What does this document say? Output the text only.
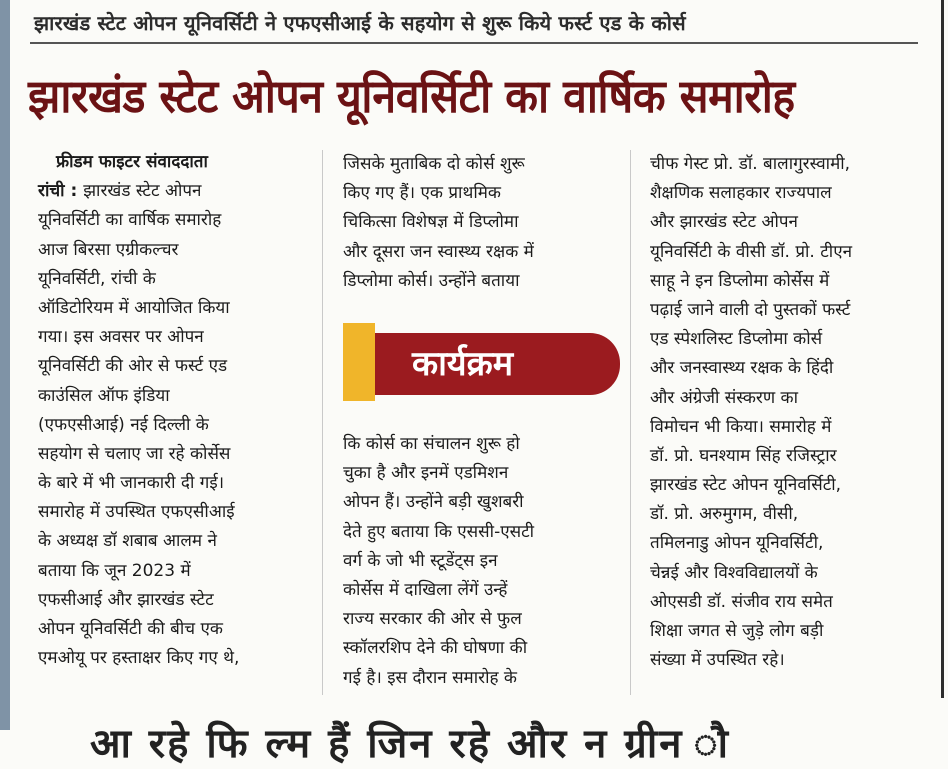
झारखंड स्टेट ओपन यूनिवर्सिटी ने एफएसीआई के सहयोग से शुरू किये फर्स्ट एड के कोर्स
झारखंड स्टेट ओपन यूनिवर्सिटी का वार्षिक समारोह
फ्रीडम फाइटर संवाददाता
रांची : झारखंड स्टेट ओपन
यूनिवर्सिटी का वार्षिक समारोह
आज बिरसा एग्रीकल्चर
यूनिवर्सिटी, रांची के
ऑडिटोरियम में आयोजित किया
गया। इस अवसर पर ओपन
यूनिवर्सिटी की ओर से फर्स्ट एड
काउंसिल ऑफ इंडिया
(एफएसीआई) नई दिल्ली के
सहयोग से चलाए जा रहे कोर्सेस
के बारे में भी जानकारी दी गई।
समारोह में उपस्थित एफएसीआई
के अध्यक्ष डॉ शबाब आलम ने
बताया कि जून 2023 में
एफसीआई और झारखंड स्टेट
ओपन यूनिवर्सिटी की बीच एक
एमओयू पर हस्ताक्षर किए गए थे,
जिसके मुताबिक दो कोर्स शुरू
किए गए हैं। एक प्राथमिक
चिकित्सा विशेषज्ञ में डिप्लोमा
और दूसरा जन स्वास्थ्य रक्षक में
डिप्लोमा कोर्स। उन्होंने बताया
कार्यक्रम
कि कोर्स का संचालन शुरू हो
चुका है और इनमें एडमिशन
ओपन हैं। उन्होंने बड़ी खुशबरी
देते हुए बताया कि एससी-एसटी
वर्ग के जो भी स्टूडेंट्स इन
कोर्सेस में दाखिला लेंगें उन्हें
राज्य सरकार की ओर से फुल
स्कॉलरशिप देने की घोषणा की
गई है। इस दौरान समारोह के
चीफ गेस्ट प्रो. डॉ. बालागुरस्वामी,
शैक्षणिक सलाहकार राज्यपाल
और झारखंड स्टेट ओपन
यूनिवर्सिटी के वीसी डॉ. प्रो. टीएन
साहू ने इन डिप्लोमा कोर्सेस में
पढ़ाई जाने वाली दो पुस्तकों फर्स्ट
एड स्पेशलिस्ट डिप्लोमा कोर्स
और जनस्वास्थ्य रक्षक के हिंदी
और अंग्रेजी संस्करण का
विमोचन भी किया। समारोह में
डॉ. प्रो. घनश्याम सिंह रजिस्ट्रार
झारखंड स्टेट ओपन यूनिवर्सिटी,
डॉ. प्रो. अरुमुगम, वीसी,
तमिलनाडु ओपन यूनिवर्सिटी,
चेन्नई और विश्वविद्यालयों के
ओएसडी डॉ. संजीव राय समेत
शिक्षा जगत से जुड़े लोग बड़ी
संख्या में उपस्थित रहे।
आ रहे फि ल्म हैं जिन रहे और न ग्रीन ौ
